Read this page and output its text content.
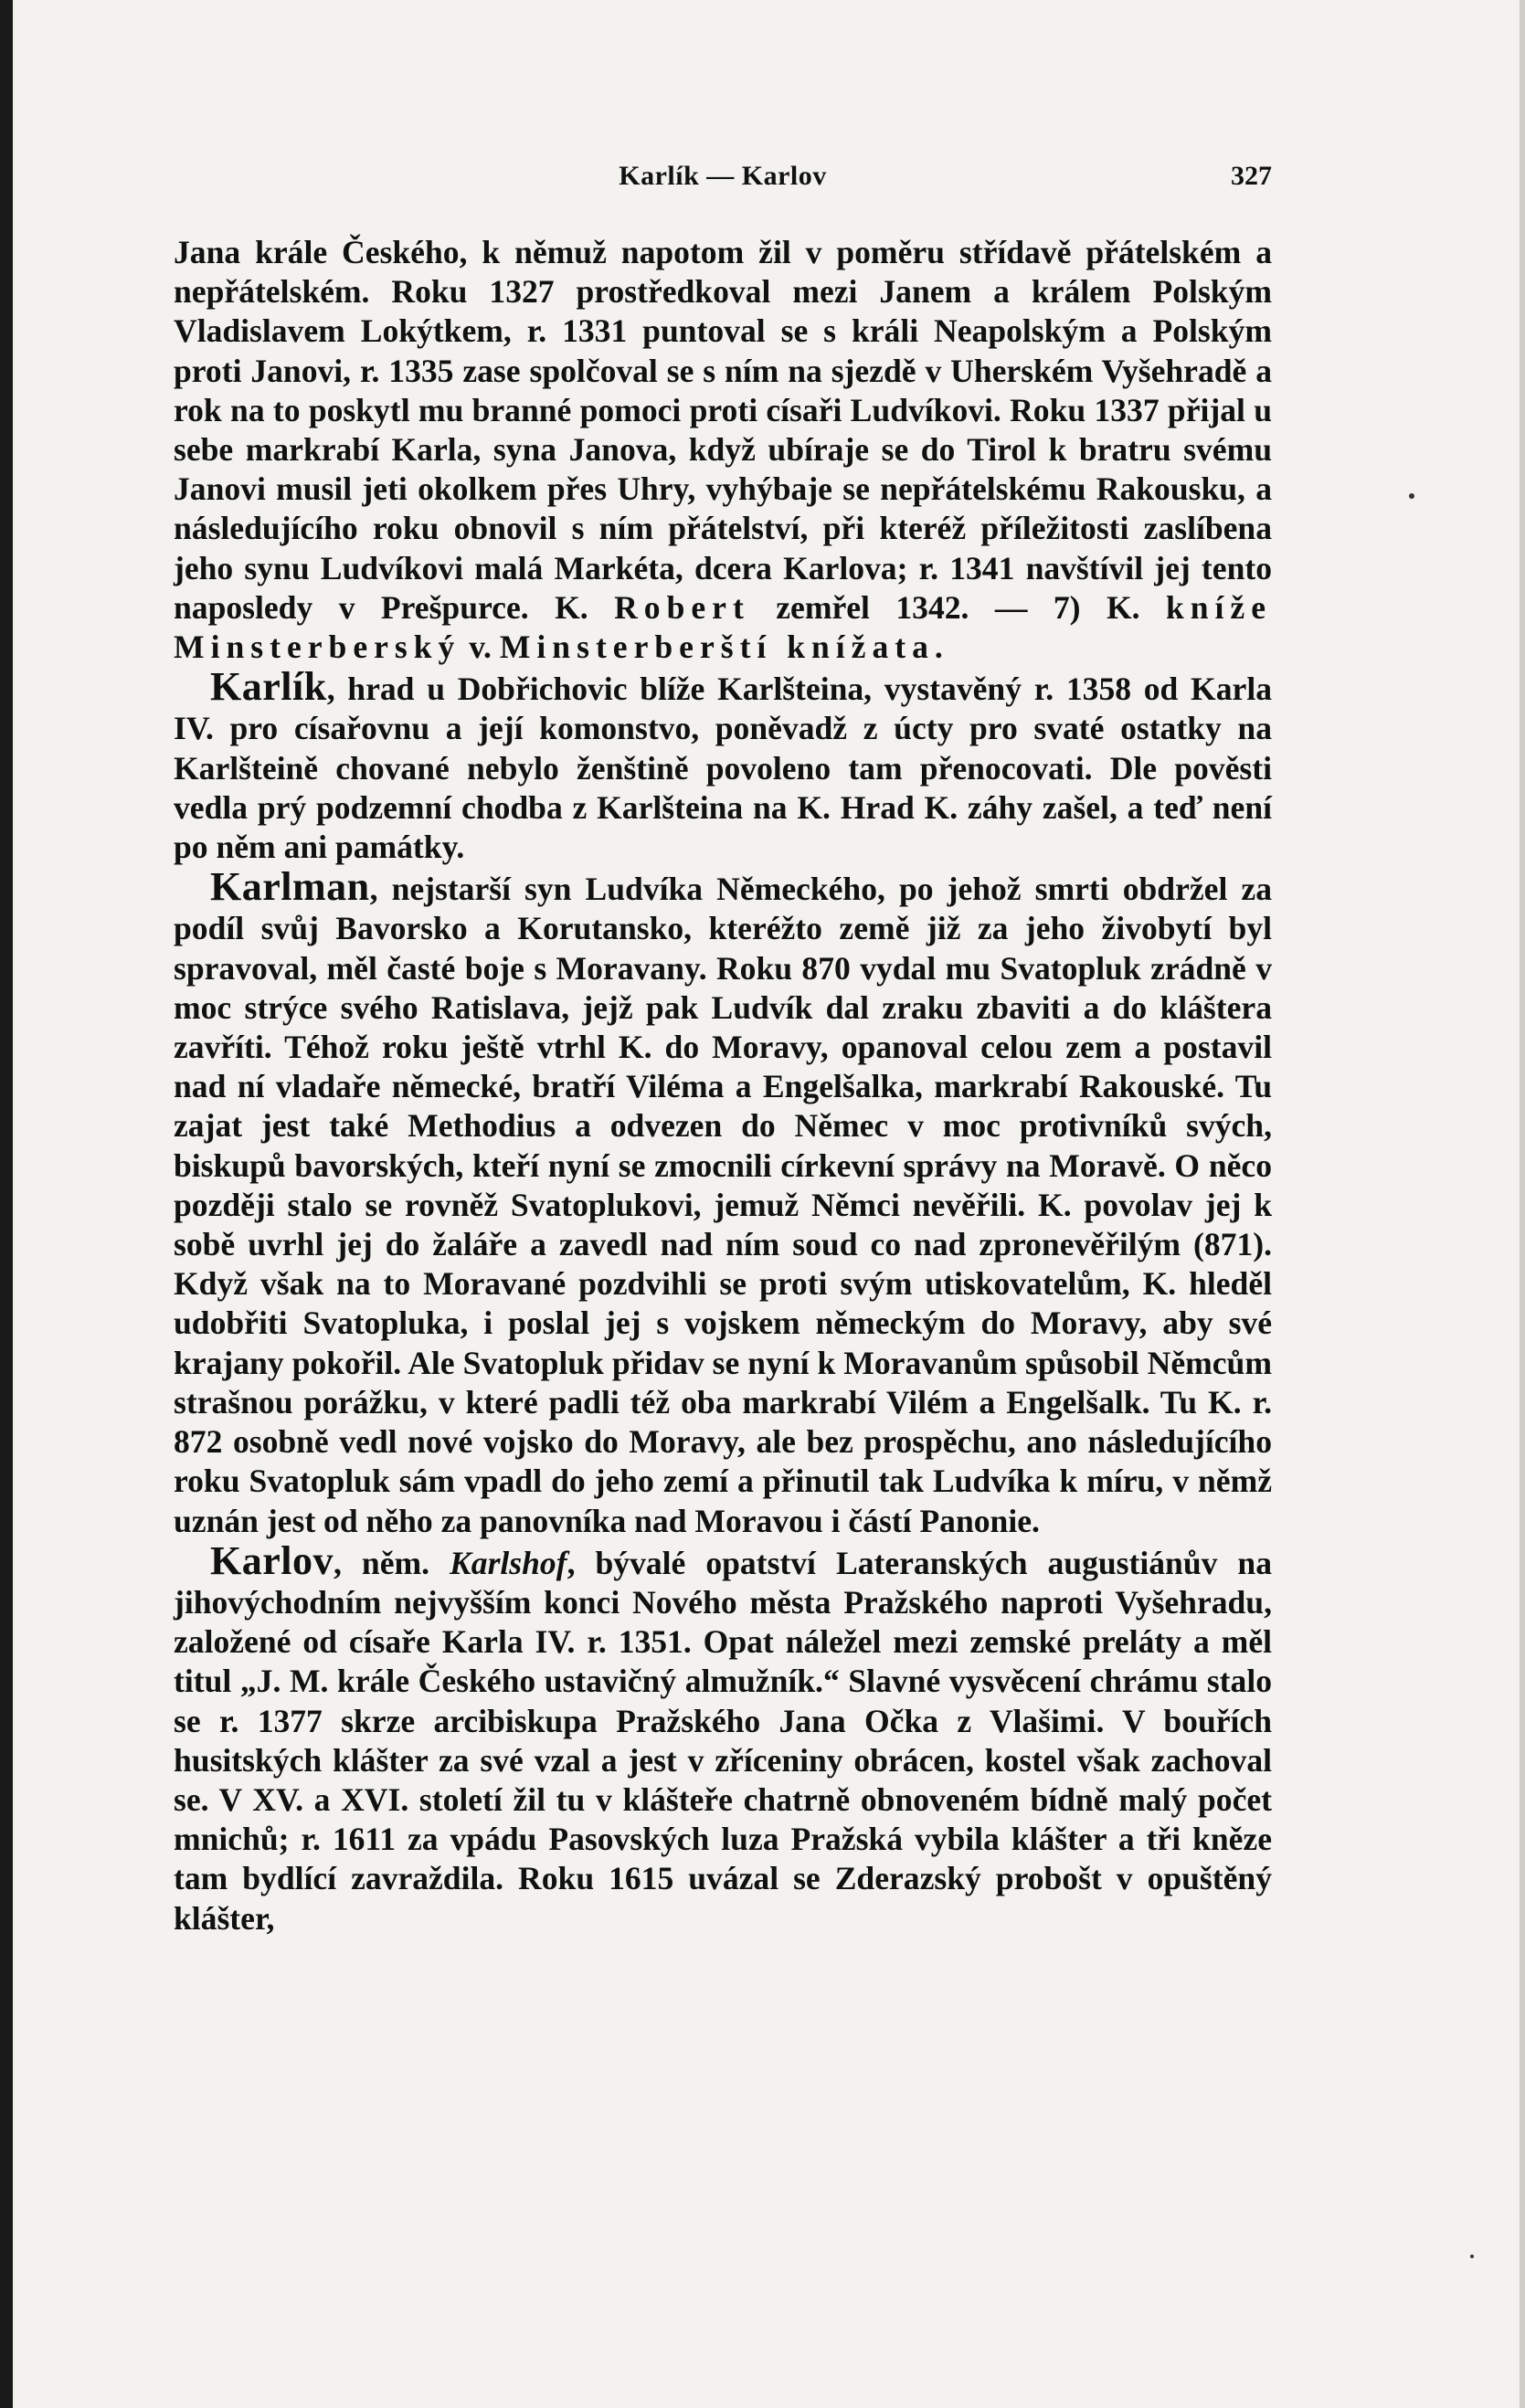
Karlík — Karlov	327

Jana krále Českého, k němuž napotom žil v poměru střídavě přátelském a nepřátelském. Roku 1327 prostředkoval mezi Janem a králem Polským Vladislavem Lokýtkem, r. 1331 puntoval se s králi Neapolským a Polským proti Janovi, r. 1335 zase spolčoval se s ním na sjezdě v Uherském Vyšehradě a rok na to poskytl mu branné pomoci proti císaři Ludvíkovi. Roku 1337 přijal u sebe markrabí Karla, syna Janova, když ubíraje se do Tirol k bratru svému Janovi musil jeti okolkem přes Uhry, vyhýbaje se nepřátelskému Rakousku, a následujícího roku obnovil s ním přátelství, při kteréž příležitosti zaslíbena jeho synu Ludvíkovi malá Markéta, dcera Karlova; r. 1341 navštívil jej tento naposledy v Prešpurce. K. Robert zemřel 1342. — 7) K. kníže Minsterberský v. Minsterberští knížata.

Karlík, hrad u Dobřichovic blíže Karlšteina, vystavěný r. 1358 od Karla IV. pro císařovnu a její komonstvo, poněvadž z úcty pro svaté ostatky na Karlšteině chované nebylo ženštině povoleno tam přenocovati. Dle pověsti vedla prý podzemní chodba z Karlšteina na K. Hrad K. záhy zašel, a teď není po něm ani památky.

Karlman, nejstarší syn Ludvíka Německého, po jehož smrti obdržel za podíl svůj Bavorsko a Korutansko, kteréžto země již za jeho živobytí byl spravoval, měl časté boje s Moravany. Roku 870 vydal mu Svatopluk zrádně v moc strýce svého Ratislava, jejž pak Ludvík dal zraku zbaviti a do kláštera zavříti. Téhož roku ještě vtrhl K. do Moravy, opanoval celou zem a postavil nad ní vladaře německé, bratří Viléma a Engelšalka, markrabí Rakouské. Tu zajat jest také Methodius a odvezen do Němec v moc protivníků svých, biskupů bavorských, kteří nyní se zmocnili církevní správy na Moravě. O něco později stalo se rovněž Svatoplukovi, jemuž Němci nevěřili. K. povolav jej k sobě uvrhl jej do žaláře a zavedl nad ním soud co nad zpronevěřilým (871). Když však na to Moravané pozdvihli se proti svým utiskovatelům, K. hleděl udobřiti Svatopluka, i poslal jej s vojskem německým do Moravy, aby své krajany pokořil. Ale Svatopluk přidav se nyní k Moravanům spůsobil Němcům strašnou porážku, v které padli též oba markrabí Vilém a Engelšalk. Tu K. r. 872 osobně vedl nové vojsko do Moravy, ale bez prospěchu, ano následujícího roku Svatopluk sám vpadl do jeho zemí a přinutil tak Ludvíka k míru, v němž uznán jest od něho za panovníka nad Moravou i částí Panonie.

Karlov, něm. Karlshof, bývalé opatství Lateranských augustiánův na jihovýchodním nejvyšším konci Nového města Pražského naproti Vyšehradu, založené od císaře Karla IV. r. 1351. Opat náležel mezi zemské preláty a měl titul „J. M. krále Českého ustavičný almužník.“ Slavné vysvěcení chrámu stalo se r. 1377 skrze arcibiskupa Pražského Jana Očka z Vlašimi. V bouřích husitských klášter za své vzal a jest v zříceniny obrácen, kostel však zachoval se. V XV. a XVI. století žil tu v klášteře chatrně obnoveném bídně malý počet mnichů; r. 1611 za vpádu Pasovských luza Pražská vybila klášter a tři kněze tam bydlící zavraždila. Roku 1615 uvázal se Zderazský probošt v opuštěný klášter,
